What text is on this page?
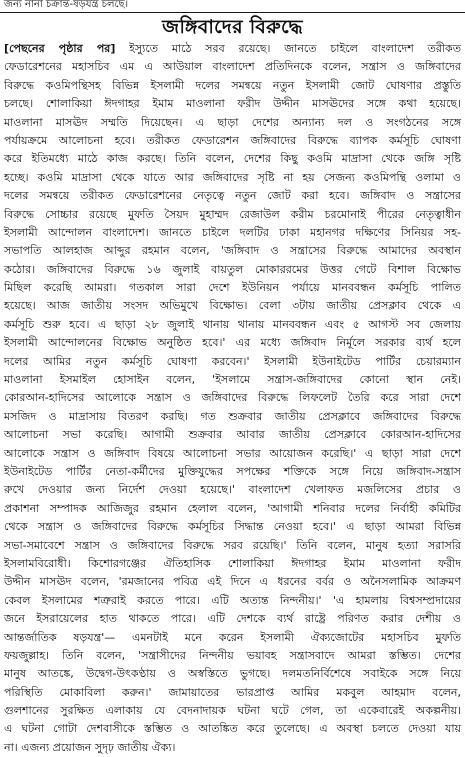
জন্য নানা চক্রান্ত-ষড়যন্ত্র চলছে।
জঙ্গিবাদের বিরুদ্ধে
[পেছনের পৃষ্ঠার পর] ইস্যুতে মাঠে সরব রয়েছে। জানতে চাইলে বাংলাদেশ তরীকত
ফেডারেশনের মহাসচিব এম এ আউয়াল বাংলাদেশ প্রতিদিনকে বলেন, সন্ত্রাস ও জঙ্গিবাদের
বিরুদ্ধে কওমিপন্থিসহ বিভিন্ন ইসলামী দলের সমন্বয়ে নতুন ইসলামী জোট ঘোষণার প্রস্তুতি
চলছে। শোলাকিয়া ঈদগাহর ইমাম মাওলানা ফরীদ উদ্দীন মাসঊদের সঙ্গে কথা হয়েছে।
মাওলানা মাসঊদ সম্মতি দিয়েছেন। এ ছাড়া দেশের অন্যান্য দল ও সংগঠনের সঙ্গে
পর্যায়ক্রমে আলোচনা হবে। তরীকত ফেডারেশন জঙ্গিবাদের বিরুদ্ধে ব্যাপক কর্মসূচি ঘোষণা
করে ইতিমধ্যে মাঠে কাজ করছে। তিনি বলেন, দেশের কিছু কওমি মাদ্রাসা থেকে জঙ্গি সৃষ্টি
হচ্ছে। কওমি মাদ্রাসা থেকে যাতে আর জঙ্গিবাদের সৃষ্টি না হয় সেজন্য কওমিপন্থি ওলামা ও
দলের সমন্বয়ে তরীকত ফেডারেশনের নেতৃত্বে নতুন জোট করা হবে। জঙ্গিবাদ ও সন্ত্রাসের
বিরুদ্ধে সোচ্চার রয়েছে মুফতি সৈয়দ মুহাম্মদ রেজাউল করীম চরমোনাই পীরের নেতৃত্বাধীন
ইসলামী আন্দোলন বাংলাদেশ। জানতে চাইলে দলটির ঢাকা মহানগর দক্ষিণের সিনিয়র সহ-
সভাপতি আলহাজ আব্দুর রহমান বলেন, 'জঙ্গিবাদ ও সন্ত্রাসের বিরুদ্ধে আমাদের অবস্থান
কঠোর। জঙ্গিবাদের বিরুদ্ধে ১৬ জুলাই বায়তুল মোকাররমের উত্তর গেটে বিশাল বিক্ষোভ
মিছিল করেছি আমরা। গতকাল সারা দেশে ইউনিয়ন পর্যায়ে মানববন্ধন কর্মসূচি পালিত
হয়েছে। আজ জাতীয় সংসদ অভিমুখে বিক্ষোভ। বেলা ৩টায় জাতীয় প্রেসক্লাব থেকে এ
কর্মসূচি শুরু হবে। এ ছাড়া ২৮ জুলাই থানায় থানায় মানববন্ধন এবং ৫ আগস্ট সব জেলায়
ইসলামী আন্দোলনের বিক্ষোভ অনুষ্ঠিত হবে।' এর মধ্যে জঙ্গিবাদ নির্মূলে সরকার ব্যর্থ হলে
দলের আমির নতুন কর্মসূচি ঘোষণা করবেন।' ইসলামী ইউনাইটেড পার্টির চেয়ারম্যান
মাওলানা ইসমাইল হোসাইন বলেন, 'ইসলামে সন্ত্রাস-জঙ্গিবাদের কোনো স্থান নেই।
কোরআন-হাদিসের আলোকে সন্ত্রাস ও জঙ্গিবাদের বিরুদ্ধে লিফলেট তৈরি করে সারা দেশে
মসজিদ ও মাদ্রাসায় বিতরণ করছি। গত শুক্রবার জাতীয় প্রেসক্লাবে জঙ্গিবাদের বিরুদ্ধে
আলোচনা সভা করেছি। আগামী শুক্রবার আবার জাতীয় প্রেসক্লাবে কোরআন-হাদিসের
আলোকে সন্ত্রাস ও জঙ্গিবাদ বিষয়ে আলোচনা সভার আয়োজন করেছি।' এ ছাড়া সারা দেশে
ইউনাইটেড পার্টির নেতা-কর্মীদের মুক্তিযুদ্ধের সপক্ষের শক্তিকে সঙ্গে নিয়ে জঙ্গিবাদ-সন্ত্রাস
রুখে দেওয়ার জন্য নির্দেশ দেওয়া হয়েছে।' বাংলাদেশ খেলাফত মজলিসের প্রচার ও
প্রকাশনা সম্পাদক আজিজুর রহমান হেলাল বলেন, 'আগামী শনিবার দলের নির্বাহী কমিটির
থেকে সন্ত্রাস ও জঙ্গিবাদের বিরুদ্ধে কর্মসূচির সিদ্ধান্ত নেওয়া হবে।' এ ছাড়া আমরা বিভিন্ন
সভা-সমাবেশে সন্ত্রাস ও জঙ্গিবাদের বিরুদ্ধে সরব রয়েছি।' তিনি বলেন, মানুষ হত্যা সরাসরি
ইসলামবিরোধী। কিশোরগঞ্জের ঐতিহাসিক শোলাকিয়া ঈদগাহর ইমাম মাওলানা ফরীদ
উদ্দীন মাসঊদ বলেন, 'রমজানের পবিত্র এই দিনে এ ধরনের বর্বর ও অনৈসলামিক আক্রমণ
কেবল ইসলামের শত্রুরাই করতে পারে। এটি অত্যন্ত নিন্দনীয়।' 'এ হামলায় বিশ্বসম্প্রদায়ের
জনে ইসরায়েলের হাত থাকতে পারে। এটি দেশকে ব্যর্থ রাষ্ট্রে পরিণত করার দেশীয় ও
আন্তর্জাতিক ষড়যন্ত্র'— এমনটাই মনে করেন ইসলামী ঐক্যজোটের মহাসচিব মুফতি
ফয়জুল্লাহ। তিনি বলেন, 'সন্ত্রাসীদের নিন্দনীয় ভয়াবহ সন্ত্রাসবাদে আমরা স্তম্ভিত। দেশের
মানুষ আতঙ্কে, উদ্বেগ-উৎকণ্ঠায় ও অস্বস্তিতে ভুগছে। দলমতনির্বিশেষে সবাইকে সঙ্গে নিয়ে
পরিস্থিতি মোকাবিলা করুন।' জামায়াতের ভারপ্রাপ্ত আমির মকবুল আহমাদ বলেন,
গুলশানের সুরক্ষিত এলাকায় যে বেদনাদায়ক ঘটনা ঘটে গেল, তা একেবারেই অকল্পনীয়।
এ ঘটনা গোটা দেশবাসীকে স্তম্ভিত ও আতঙ্কিত করে তুলেছে। এ অবস্থা চলতে দেওয়া যায়
না। এজন্য প্রয়োজন সুদৃঢ় জাতীয় ঐক্য।
